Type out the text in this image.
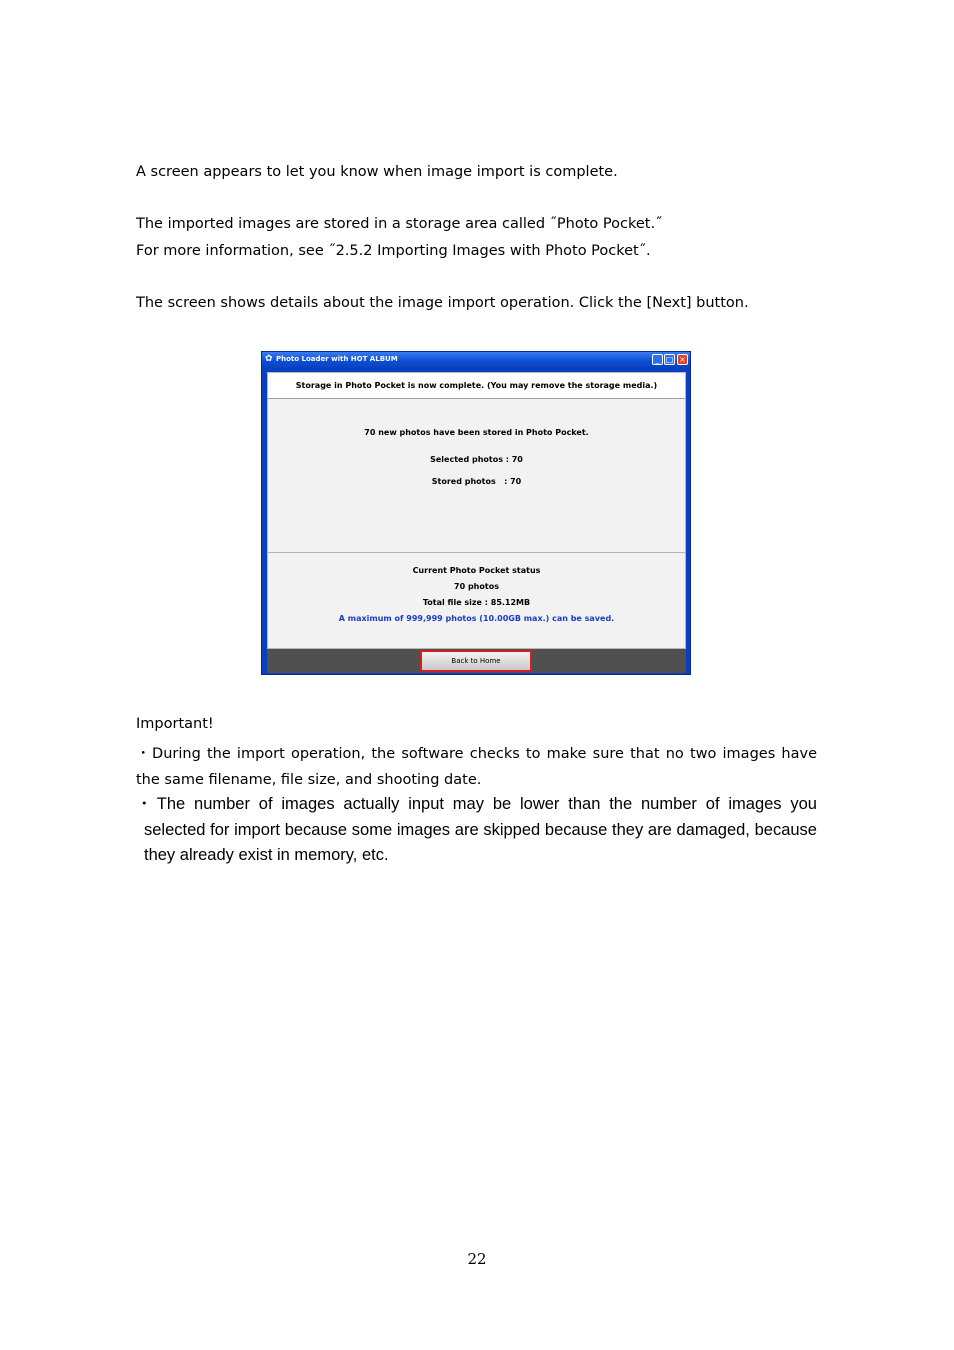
A screen appears to let you know when image import is complete.

The imported images are stored in a storage area called ˝Photo Pocket.˝

For more information, see ˝2.5.2 Importing Images with Photo Pocket˝.

The screen shows details about the image import operation. Click the [Next] button.

✿ Photo Loader with HOT ALBUM	_ □ ×
Storage in Photo Pocket is now complete. (You may remove the storage media.)
70 new photos have been stored in Photo Pocket.
Selected photos : 70
Stored photos   : 70
Current Photo Pocket status
70 photos
Total file size : 85.12MB
A maximum of 999,999 photos (10.00GB max.) can be saved.
Back to Home

Important!

・During the import operation, the software checks to make sure that no two images have the same filename, file size, and shooting date.

・The number of images actually input may be lower than the number of images you selected for import because some images are skipped because they are damaged, because they already exist in memory, etc.

22
